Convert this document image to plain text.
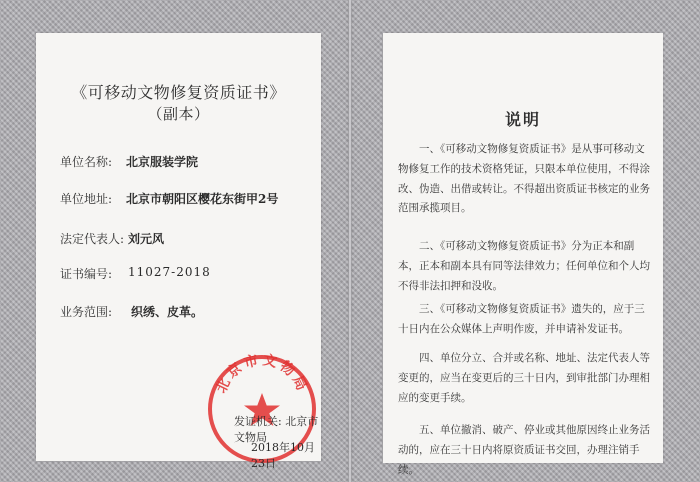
《可移动文物修复资质证书》
（副本）
单位名称: 北京服装学院
单位地址: 北京市朝阳区樱花东街甲2号
法定代表人: 刘元风
证书编号: 11027-2018
业务范围: 织绣、皮革。
北京市文物局
发证机关: 北京市文物局
2018年10月23日
说明

一、《可移动文物修复资质证书》是从事可移动文物修复工作的技术资格凭证，只限本单位使用，不得涂改、伪造、出借或转让。不得超出资质证书核定的业务范围承揽项目。

二、《可移动文物修复资质证书》分为正本和副本，正本和副本具有同等法律效力；任何单位和个人均不得非法扣押和没收。

三、《可移动文物修复资质证书》遗失的，应于三十日内在公众媒体上声明作废，并申请补发证书。

四、单位分立、合并或名称、地址、法定代表人等变更的，应当在变更后的三十日内，到审批部门办理相应的变更手续。

五、单位撤消、破产、停业或其他原因终止业务活动的，应在三十日内将原资质证书交回，办理注销手续。
